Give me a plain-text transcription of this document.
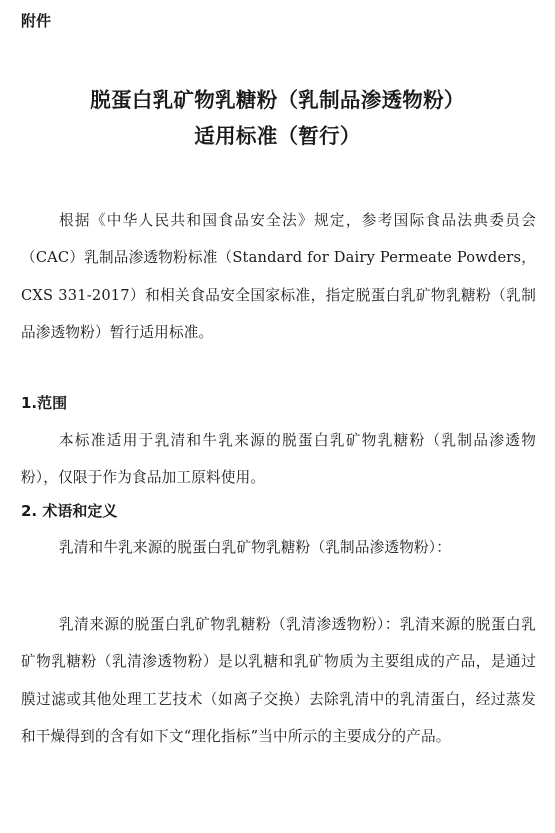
附件

脱蛋白乳矿物乳糖粉（乳制品渗透物粉）
适用标准（暂行）

根据《中华人民共和国食品安全法》规定，参考国际食品法典委员会（CAC）乳制品渗透物粉标准（Standard for Dairy Permeate Powders，CXS 331-2017）和相关食品安全国家标准，指定脱蛋白乳矿物乳糖粉（乳制品渗透物粉）暂行适用标准。

1.范围

本标准适用于乳清和牛乳来源的脱蛋白乳矿物乳糖粉（乳制品渗透物粉），仅限于作为食品加工原料使用。

2. 术语和定义

乳清和牛乳来源的脱蛋白乳矿物乳糖粉（乳制品渗透物粉）：

乳清来源的脱蛋白乳矿物乳糖粉（乳清渗透物粉）：乳清来源的脱蛋白乳矿物乳糖粉（乳清渗透物粉）是以乳糖和乳矿物质为主要组成的产品，是通过膜过滤或其他处理工艺技术（如离子交换）去除乳清中的乳清蛋白，经过蒸发和干燥得到的含有如下文“理化指标”当中所示的主要成分的产品。
